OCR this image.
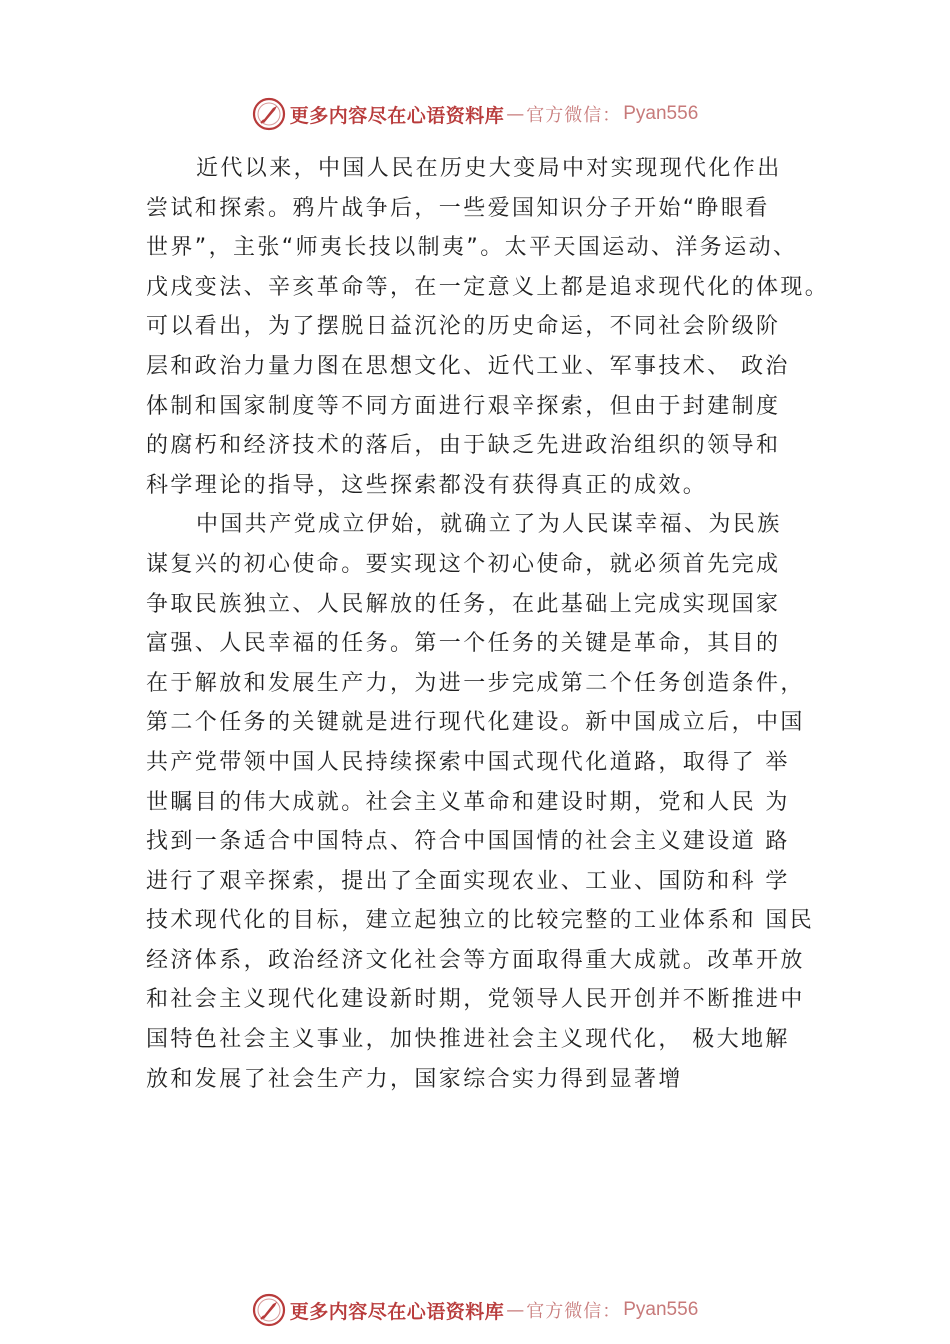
更多内容尽在心语资料库 — 官方微信： Pyan556
近代以来，中国人民在历史大变局中对实现现代化作出
尝试和探索。鸦片战争后，一些爱国知识分子开始“睁眼看
世界”，主张“师夷长技以制夷”。太平天国运动、洋务运动、
戊戌变法、辛亥革命等，在一定意义上都是追求现代化的体现。
可以看出，为了摆脱日益沉沦的历史命运，不同社会阶级阶
层和政治力量力图在思想文化、近代工业、军事技术、 政治
体制和国家制度等不同方面进行艰辛探索，但由于封建制度
的腐朽和经济技术的落后，由于缺乏先进政治组织的领导和
科学理论的指导，这些探索都没有获得真正的成效。
中国共产党成立伊始，就确立了为人民谋幸福、为民族
谋复兴的初心使命。要实现这个初心使命，就必须首先完成
争取民族独立、人民解放的任务，在此基础上完成实现国家
富强、人民幸福的任务。第一个任务的关键是革命，其目的
在于解放和发展生产力，为进一步完成第二个任务创造条件，
第二个任务的关键就是进行现代化建设。新中国成立后，中国
共产党带领中国人民持续探索中国式现代化道路，取得了 举
世瞩目的伟大成就。社会主义革命和建设时期，党和人民 为
找到一条适合中国特点、符合中国国情的社会主义建设道 路
进行了艰辛探索，提出了全面实现农业、工业、国防和科 学
技术现代化的目标，建立起独立的比较完整的工业体系和 国民
经济体系，政治经济文化社会等方面取得重大成就。改革开放
和社会主义现代化建设新时期，党领导人民开创并不断推进中
国特色社会主义事业，加快推进社会主义现代化， 极大地解
放和发展了社会生产力，国家综合实力得到显著增
更多内容尽在心语资料库 — 官方微信： Pyan556
